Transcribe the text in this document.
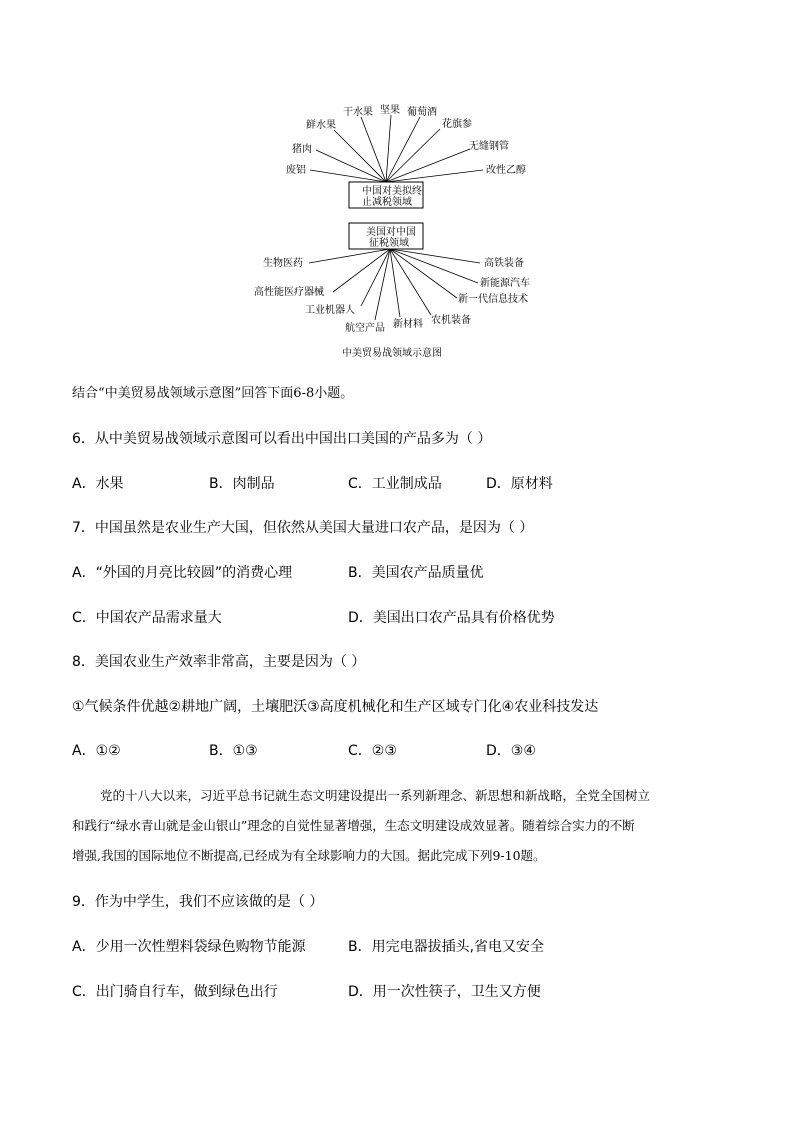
干水果 坚果 葡萄酒
鲜水果	花旗参
猪肉	无缝钢管
废铝	改性乙醇
中国对美拟终
止减税领域
美国对中国
征税领域
生物医药	高铁装备
新能源汽车
高性能医疗器械
新一代信息技术
工业机器人
农机装备
航空产品 新材料
中美贸易战领域示意图
结合“中美贸易战领域示意图”回答下面6-8小题。
6．从中美贸易战领域示意图可以看出中国出口美国的产品多为（ ）
A．水果	B．肉制品	C．工业制成品	D．原材料
7．中国虽然是农业生产大国，但依然从美国大量进口农产品，是因为（ ）
A．“外国的月亮比较圆”的消费心理	B．美国农产品质量优
C．中国农产品需求量大	D．美国出口农产品具有价格优势
8．美国农业生产效率非常高，主要是因为（ ）
①气候条件优越②耕地广阔，土壤肥沃③高度机械化和生产区域专门化④农业科技发达
A．①②	B．①③	C．②③	D．③④
党的十八大以来，习近平总书记就生态文明建设提出一系列新理念、新思想和新战略，全党全国树立
和践行“绿水青山就是金山银山”理念的自觉性显著增强，生态文明建设成效显著。随着综合实力的不断
增强,我国的国际地位不断提高,已经成为有全球影响力的大国。据此完成下列9-10题。
9．作为中学生，我们不应该做的是（ ）
A．少用一次性塑料袋绿色购物节能源	B．用完电器拔插头,省电又安全
C．出门骑自行车，做到绿色出行	D．用一次性筷子，卫生又方便
